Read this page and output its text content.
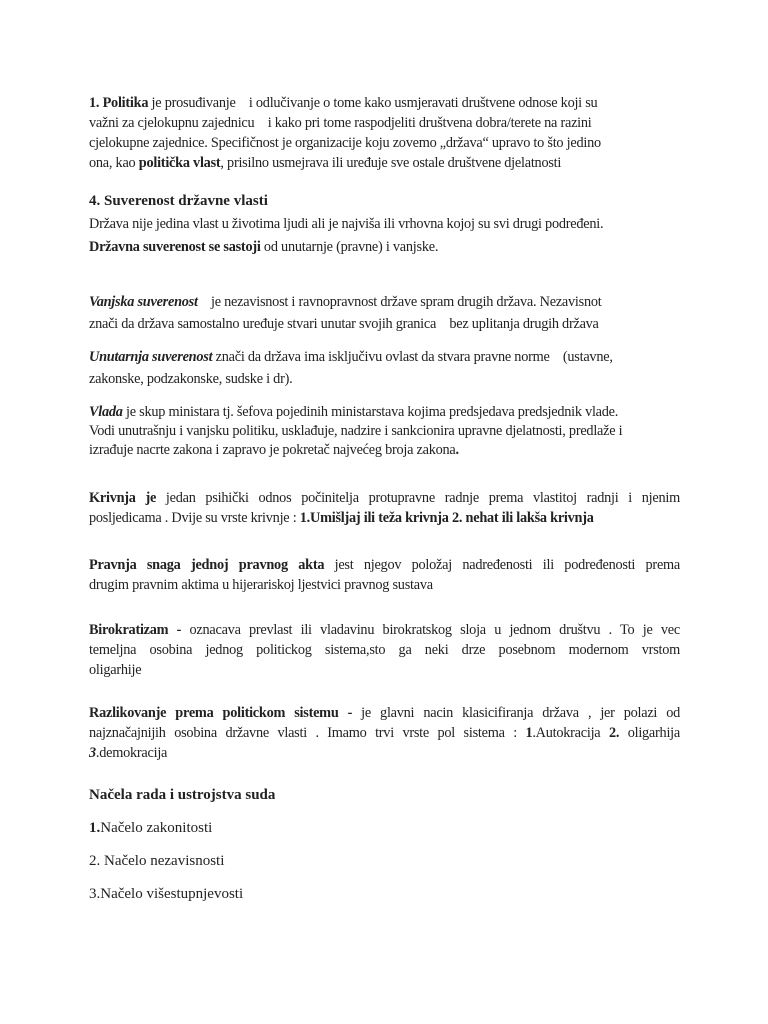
1. Politika je prosuđivanje    i odlučivanje o tome kako usmjeravati društvene odnose koji su

važni za cjelokupnu zajednicu    i kako pri tome raspodjeliti društvena dobra/terete na razini

cjelokupne zajednice. Specifičnost je organizacije koju zovemo „država“ upravo to što jedino

ona, kao politička vlast, prisilno usmejrava ili uređuje sve ostale društvene djelatnosti

4. Suverenost državne vlasti

Država nije jedina vlast u životima ljudi ali je najviša ili vrhovna kojoj su svi drugi podređeni.

Državna suverenost se sastoji od unutarnje (pravne) i vanjske.

Vanjska suverenost    je nezavisnost i ravnopravnost države spram drugih država. Nezavisnot

znači da država samostalno uređuje stvari unutar svojih granica    bez uplitanja drugih država

Unutarnja suverenost znači da država ima isključivu ovlast da stvara pravne norme    (ustavne,

zakonske, podzakonske, sudske i dr).

Vlada je skup ministara tj. šefova pojedinih ministarstava kojima predsjedava predsjednik vlade.

Vodi unutrašnju i vanjsku politiku, usklađuje, nadzire i sankcionira upravne djelatnosti, predlaže i

izrađuje nacrte zakona i zapravo je pokretač najvećeg broja zakona.

Krivnja je jedan psihički odnos počinitelja protupravne radnje prema vlastitoj radnji i njenim

posljedicama . Dvije su vrste krivnje : 1.Umišljaj ili teža krivnja 2. nehat ili lakša krivnja

Pravnja snaga jednoj pravnog akta jest njegov položaj nadređenosti ili podređenosti prema

drugim pravnim aktima u hijerariskoj ljestvici pravnog sustava

Birokratizam - oznacava prevlast ili vladavinu birokratskog sloja u jednom društvu . To je vec

temeljna osobina jednog politickog sistema,sto ga neki drze posebnom modernom vrstom

oligarhije

Razlikovanje prema politickom sistemu - je glavni nacin klasicifiranja država , jer polazi od

najznačajnijih osobina državne vlasti . Imamo trvi vrste pol sistema : 1.Autokracija 2. oligarhija

3.demokracija

Načela rada i ustrojstva suda

1.Načelo zakonitosti

2. Načelo nezavisnosti

3.Načelo višestupnjevosti
